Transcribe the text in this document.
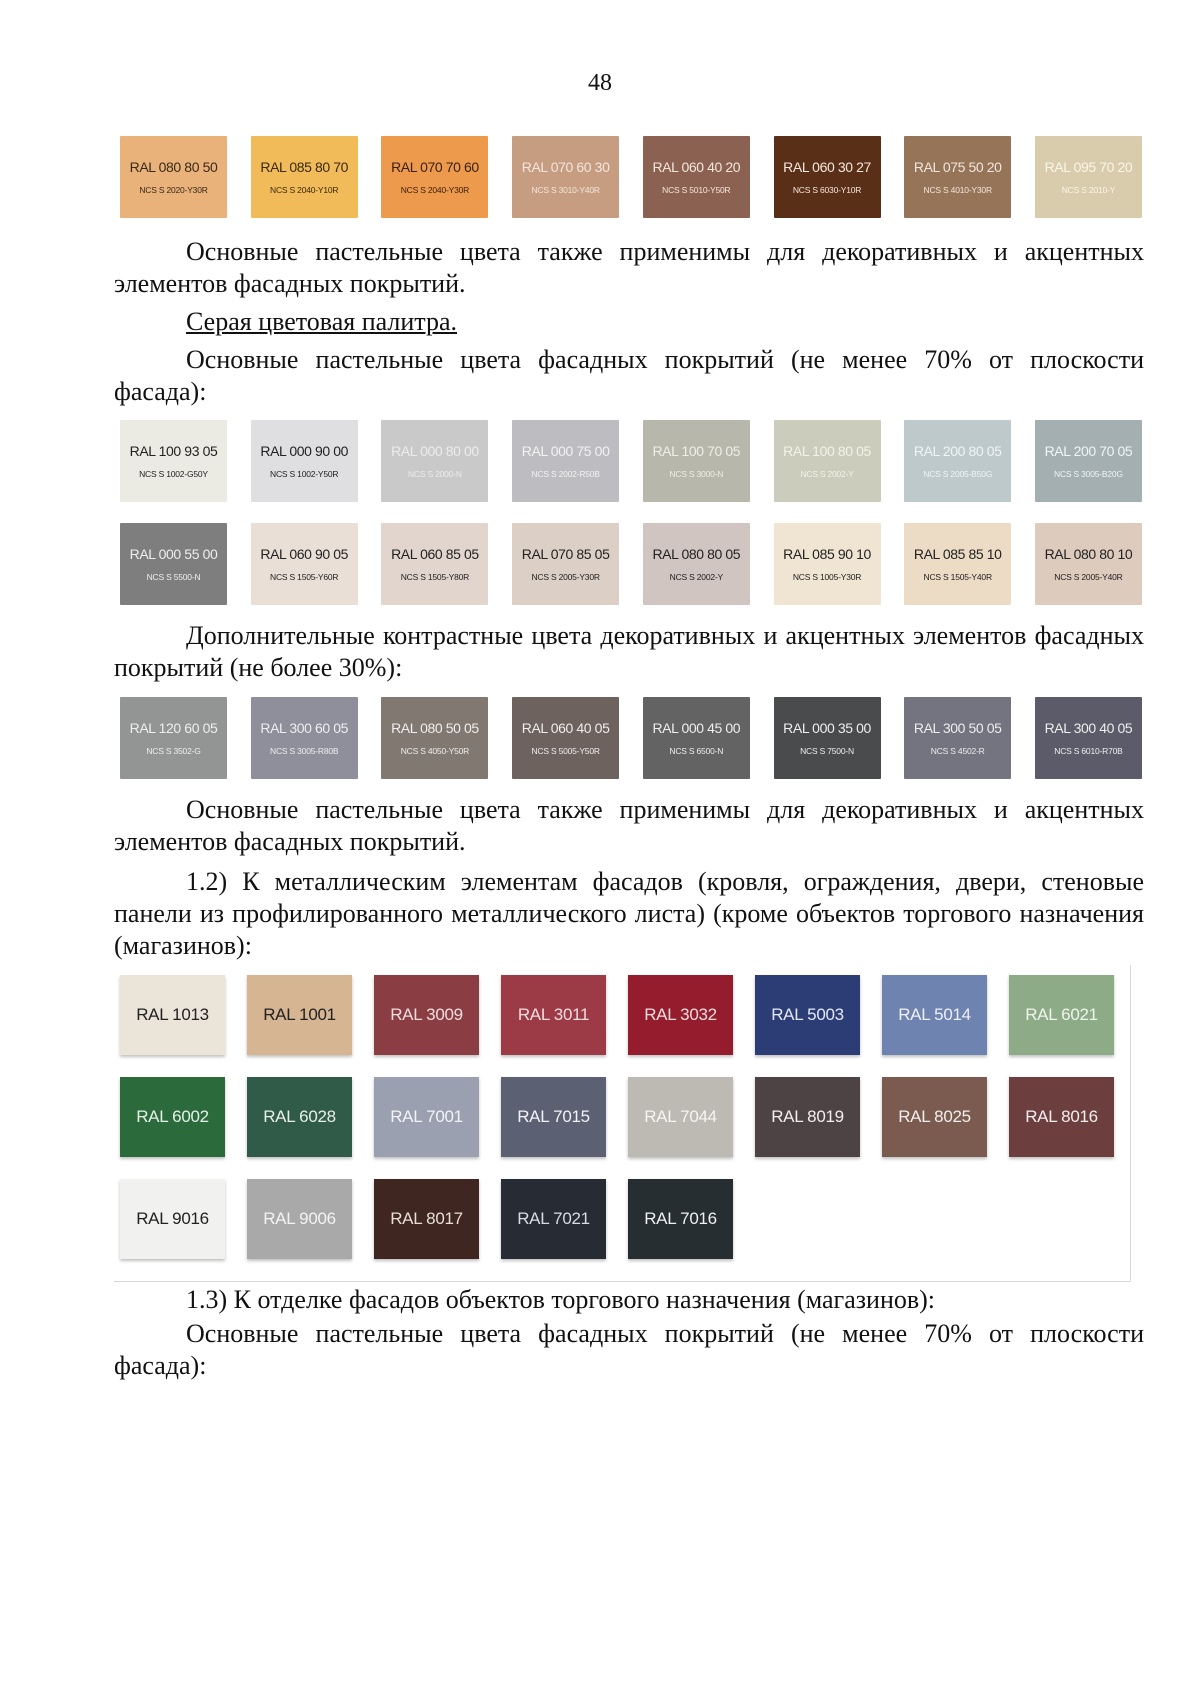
48
RAL 080 80 50
NCS S 2020-Y30R
RAL 085 80 70
NCS S 2040-Y10R
RAL 070 70 60
NCS S 2040-Y30R
RAL 070 60 30
NCS S 3010-Y40R
RAL 060 40 20
NCS S 5010-Y50R
RAL 060 30 27
NCS S 6030-Y10R
RAL 075 50 20
NCS S 4010-Y30R
RAL 095 70 20
NCS S 2010-Y

Основные пастельные цвета также применимы для декоративных и акцентных элементов фасадных покрытий.

Серая цветовая палитра.

Основные пастельные цвета фасадных покрытий (не менее 70% от плоскости фасада):

RAL 100 93 05
NCS S 1002-G50Y
RAL 000 90 00
NCS S 1002-Y50R
RAL 000 80 00
NCS S 2000-N
RAL 000 75 00
NCS S 2002-R50B
RAL 100 70 05
NCS S 3000-N
RAL 100 80 05
NCS S 2002-Y
RAL 200 80 05
NCS S 2005-B50G
RAL 200 70 05
NCS S 3005-B20G
RAL 000 55 00
NCS S 5500-N
RAL 060 90 05
NCS S 1505-Y60R
RAL 060 85 05
NCS S 1505-Y80R
RAL 070 85 05
NCS S 2005-Y30R
RAL 080 80 05
NCS S 2002-Y
RAL 085 90 10
NCS S 1005-Y30R
RAL 085 85 10
NCS S 1505-Y40R
RAL 080 80 10
NCS S 2005-Y40R

Дополнительные контрастные цвета декоративных и акцентных элементов фасадных покрытий (не более 30%):

RAL 120 60 05
NCS S 3502-G
RAL 300 60 05
NCS S 3005-R80B
RAL 080 50 05
NCS S 4050-Y50R
RAL 060 40 05
NCS S 5005-Y50R
RAL 000 45 00
NCS S 6500-N
RAL 000 35 00
NCS S 7500-N
RAL 300 50 05
NCS S 4502-R
RAL 300 40 05
NCS S 6010-R70B

Основные пастельные цвета также применимы для декоративных и акцентных элементов фасадных покрытий.

1.2) К металлическим элементам фасадов (кровля, ограждения, двери, стеновые панели из профилированного металлического листа) (кроме объектов торгового назначения (магазинов):

RAL 1013	RAL 1001	RAL 3009	RAL 3011	RAL 3032	RAL 5003	RAL 5014	RAL 6021
RAL 6002	RAL 6028	RAL 7001	RAL 7015	RAL 7044	RAL 8019	RAL 8025	RAL 8016
RAL 9016	RAL 9006	RAL 8017	RAL 7021	RAL 7016

1.3) К отделке фасадов объектов торгового назначения (магазинов):

Основные пастельные цвета фасадных покрытий (не менее 70% от плоскости фасада):
